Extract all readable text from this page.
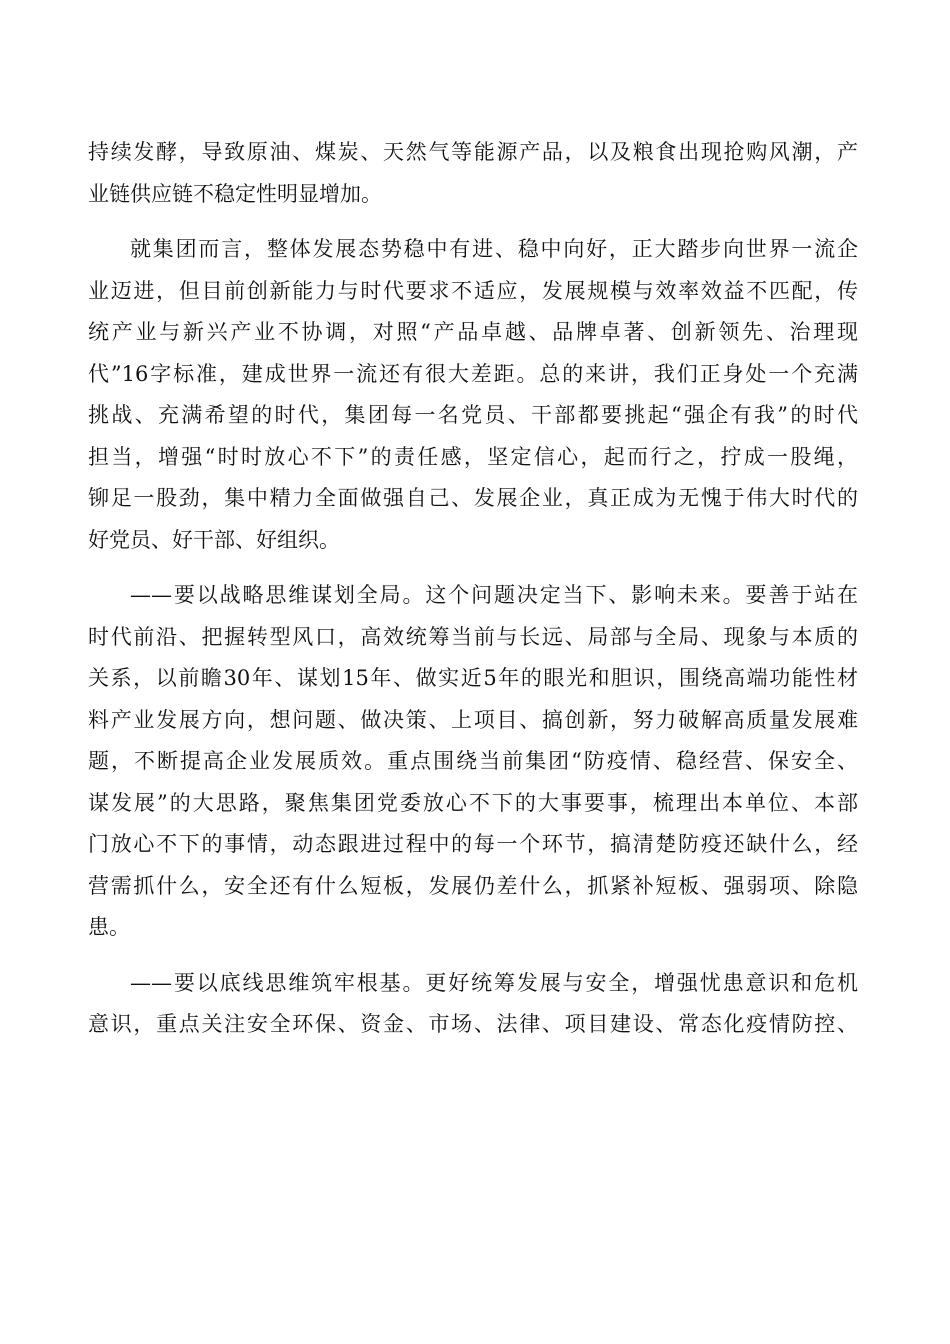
持续发酵，导致原油、煤炭、天然气等能源产品，以及粮食出现抢购风潮，产
业链供应链不稳定性明显增加。
就集团而言，整体发展态势稳中有进、稳中向好，正大踏步向世界一流企
业迈进，但目前创新能力与时代要求不适应，发展规模与效率效益不匹配，传
统产业与新兴产业不协调，对照“产品卓越、品牌卓著、创新领先、治理现
代”16字标准，建成世界一流还有很大差距。总的来讲，我们正身处一个充满
挑战、充满希望的时代，集团每一名党员、干部都要挑起“强企有我”的时代
担当，增强“时时放心不下”的责任感，坚定信心，起而行之，拧成一股绳，
铆足一股劲，集中精力全面做强自己、发展企业，真正成为无愧于伟大时代的
好党员、好干部、好组织。
——要以战略思维谋划全局。这个问题决定当下、影响未来。要善于站在
时代前沿、把握转型风口，高效统筹当前与长远、局部与全局、现象与本质的
关系，以前瞻30年、谋划15年、做实近5年的眼光和胆识，围绕高端功能性材
料产业发展方向，想问题、做决策、上项目、搞创新，努力破解高质量发展难
题，不断提高企业发展质效。重点围绕当前集团“防疫情、稳经营、保安全、
谋发展”的大思路，聚焦集团党委放心不下的大事要事，梳理出本单位、本部
门放心不下的事情，动态跟进过程中的每一个环节，搞清楚防疫还缺什么，经
营需抓什么，安全还有什么短板，发展仍差什么，抓紧补短板、强弱项、除隐
患。
——要以底线思维筑牢根基。更好统筹发展与安全，增强忧患意识和危机
意识，重点关注安全环保、资金、市场、法律、项目建设、常态化疫情防控、
